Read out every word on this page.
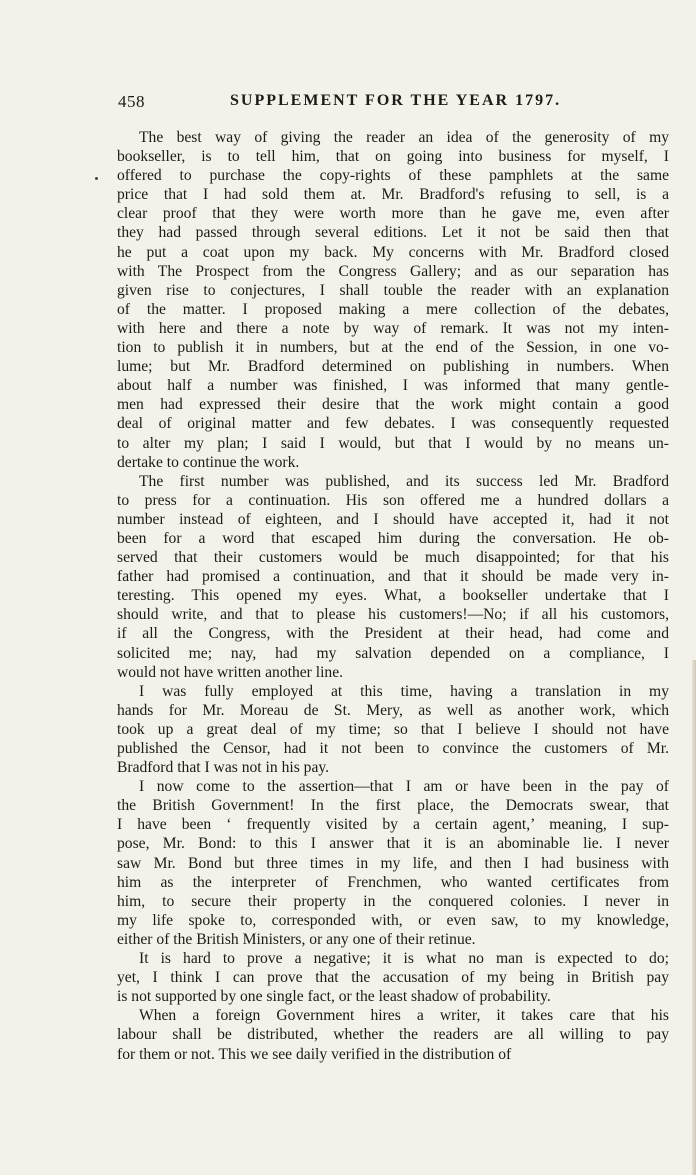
458	SUPPLEMENT FOR THE YEAR 1797.
The best way of giving the reader an idea of the generosity of my
bookseller, is to tell him, that on going into business for myself, I
offered to purchase the copy-rights of these pamphlets at the same
price that I had sold them at. Mr. Bradford's refusing to sell, is a
clear proof that they were worth more than he gave me, even after
they had passed through several editions. Let it not be said then that
he put a coat upon my back. My concerns with Mr. Bradford closed
with The Prospect from the Congress Gallery; and as our separation has
given rise to conjectures, I shall touble the reader with an explanation
of the matter. I proposed making a mere collection of the debates,
with here and there a note by way of remark. It was not my inten-
tion to publish it in numbers, but at the end of the Session, in one vo-
lume; but Mr. Bradford determined on publishing in numbers. When
about half a number was finished, I was informed that many gentle-
men had expressed their desire that the work might contain a good
deal of original matter and few debates. I was consequently requested
to alter my plan; I said I would, but that I would by no means un-
dertake to continue the work.
The first number was published, and its success led Mr. Bradford
to press for a continuation. His son offered me a hundred dollars a
number instead of eighteen, and I should have accepted it, had it not
been for a word that escaped him during the conversation. He ob-
served that their customers would be much disappointed; for that his
father had promised a continuation, and that it should be made very in-
teresting. This opened my eyes. What, a bookseller undertake that I
should write, and that to please his customers!—No; if all his customors,
if all the Congress, with the President at their head, had come and
solicited me; nay, had my salvation depended on a compliance, I
would not have written another line.
I was fully employed at this time, having a translation in my
hands for Mr. Moreau de St. Mery, as well as another work, which
took up a great deal of my time; so that I believe I should not have
published the Censor, had it not been to convince the customers of Mr.
Bradford that I was not in his pay.
I now come to the assertion—that I am or have been in the pay of
the British Government! In the first place, the Democrats swear, that
I have been ‘ frequently visited by a certain agent,’ meaning, I sup-
pose, Mr. Bond: to this I answer that it is an abominable lie. I never
saw Mr. Bond but three times in my life, and then I had business with
him as the interpreter of Frenchmen, who wanted certificates from
him, to secure their property in the conquered colonies. I never in
my life spoke to, corresponded with, or even saw, to my knowledge,
either of the British Ministers, or any one of their retinue.
It is hard to prove a negative; it is what no man is expected to do;
yet, I think I can prove that the accusation of my being in British pay
is not supported by one single fact, or the least shadow of probability.
When a foreign Government hires a writer, it takes care that his
labour shall be distributed, whether the readers are all willing to pay
for them or not. This we see daily verified in the distribution of
